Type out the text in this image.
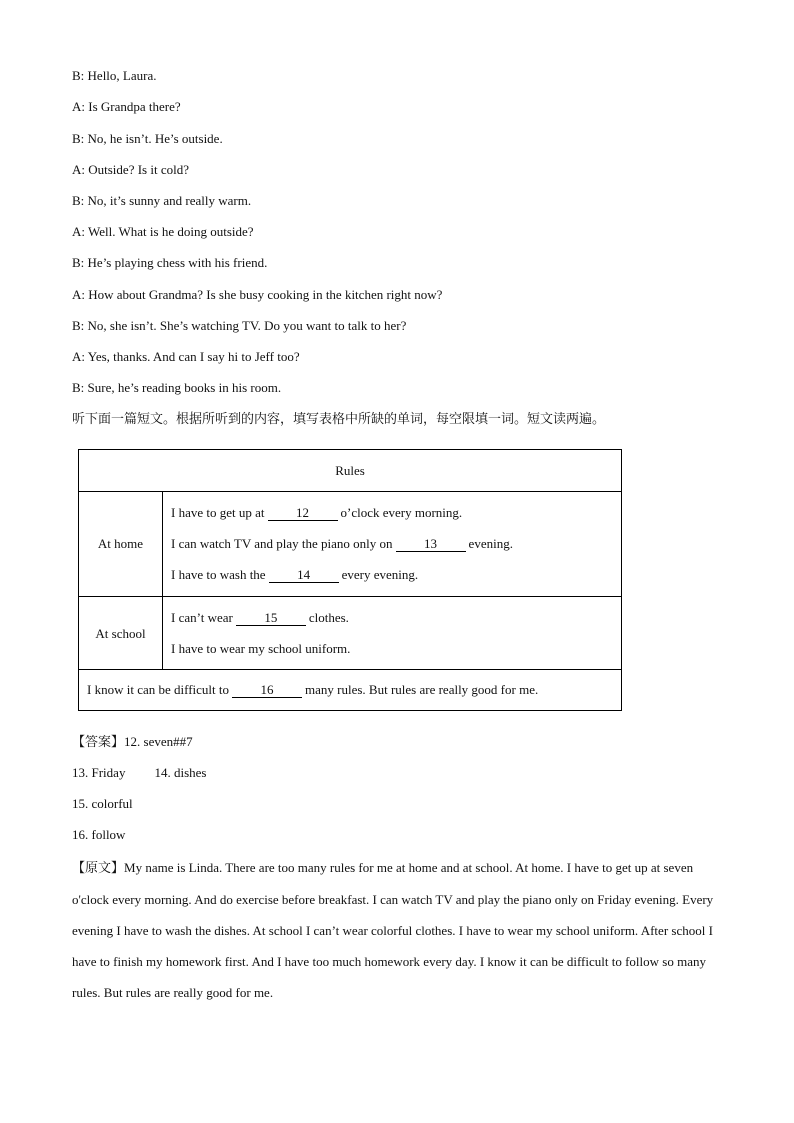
B: Hello, Laura.
A: Is Grandpa there?
B: No, he isn’t. He’s outside.
A: Outside? Is it cold?
B: No, it’s sunny and really warm.
A: Well. What is he doing outside?
B: He’s playing chess with his friend.
A: How about Grandma? Is she busy cooking in the kitchen right now?
B: No, she isn’t. She’s watching TV. Do you want to talk to her?
A: Yes, thanks. And can I say hi to Jeff too?
B: Sure, he’s reading books in his room.
听下面一篇短文。根据所听到的内容，填写表格中所缺的单词，每空限填一词。短文读两遍。
Rules
At home
I have to get up at 12 o’clock every morning.
I can watch TV and play the piano only on 13 evening.
I have to wash the 14 every evening.
At school
I can’t wear 15 clothes.
I have to wear my school uniform.
I know it can be difficult to 16 many rules. But rules are really good for me.
【答案】12. seven##7
13. Friday 14. dishes
15. colorful
16. follow
【原文】My name is Linda. There are too many rules for me at home and at school. At home. I have to get up at seven o'clock every morning. And do exercise before breakfast. I can watch TV and play the piano only on Friday evening. Every evening I have to wash the dishes. At school I can’t wear colorful clothes. I have to wear my school uniform. After school I have to finish my homework first. And I have too much homework every day. I know it can be difficult to follow so many rules. But rules are really good for me.
